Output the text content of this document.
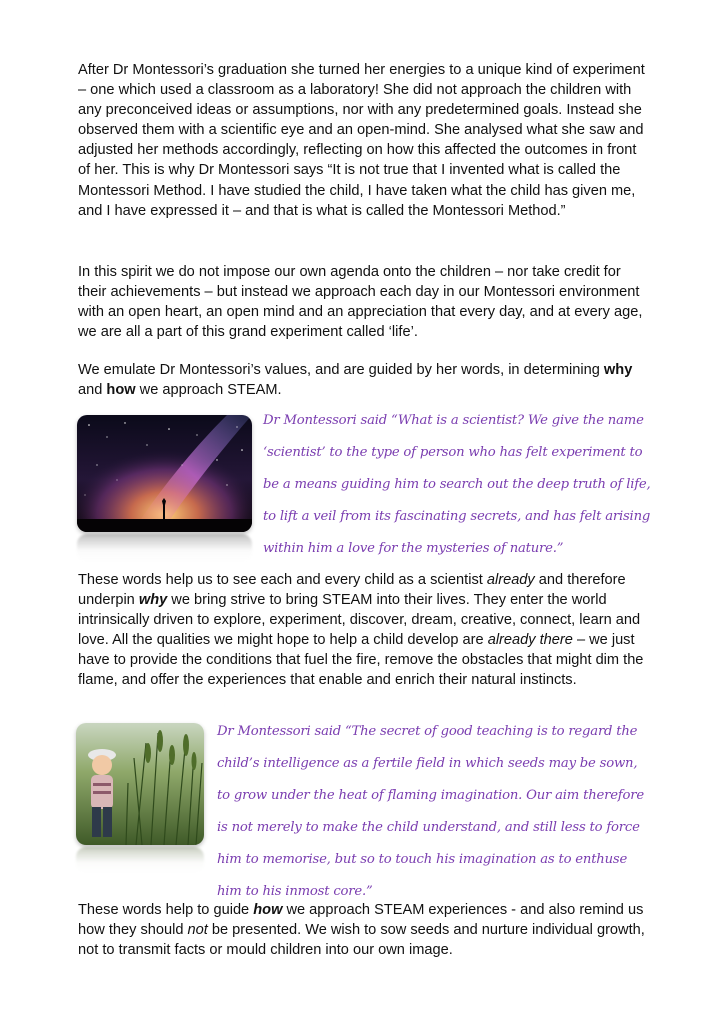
After Dr Montessori’s graduation she turned her energies to a unique kind of experiment – one which used a classroom as a laboratory! She did not approach the children with any preconceived ideas or assumptions, nor with any predetermined goals. Instead she observed them with a scientific eye and an open-mind. She analysed what she saw and adjusted her methods accordingly, reflecting on how this affected the outcomes in front of her. This is why Dr Montessori says “It is not true that I invented what is called the Montessori Method. I have studied the child, I have taken what the child has given me, and I have expressed it – and that is what is called the Montessori Method.”

In this spirit we do not impose our own agenda onto the children – nor take credit for their achievements – but instead we approach each day in our Montessori environment with an open heart, an open mind and an appreciation that every day, and at every age, we are all a part of this grand experiment called ‘life’.

We emulate Dr Montessori’s values, and are guided by her words, in determining why and how we approach STEAM.

Dr Montessori said “What is a scientist? We give the name ‘scientist’ to the type of person who has felt experiment to be a means guiding him to search out the deep truth of life, to lift a veil from its fascinating secrets, and has felt arising within him a love for the mysteries of nature.”

These words help us to see each and every child as a scientist already and therefore underpin why we bring strive to bring STEAM into their lives. They enter the world intrinsically driven to explore, experiment, discover, dream, creative, connect, learn and love. All the qualities we might hope to help a child develop are already there – we just have to provide the conditions that fuel the fire, remove the obstacles that might dim the flame, and offer the experiences that enable and enrich their natural instincts.

Dr Montessori said “The secret of good teaching is to regard the child’s intelligence as a fertile field in which seeds may be sown, to grow under the heat of flaming imagination. Our aim therefore is not merely to make the child understand, and still less to force him to memorise, but so to touch his imagination as to enthuse him to his inmost core.”

These words help to guide how we approach STEAM experiences - and also remind us how they should not be presented. We wish to sow seeds and nurture individual growth, not to transmit facts or mould children into our own image.
